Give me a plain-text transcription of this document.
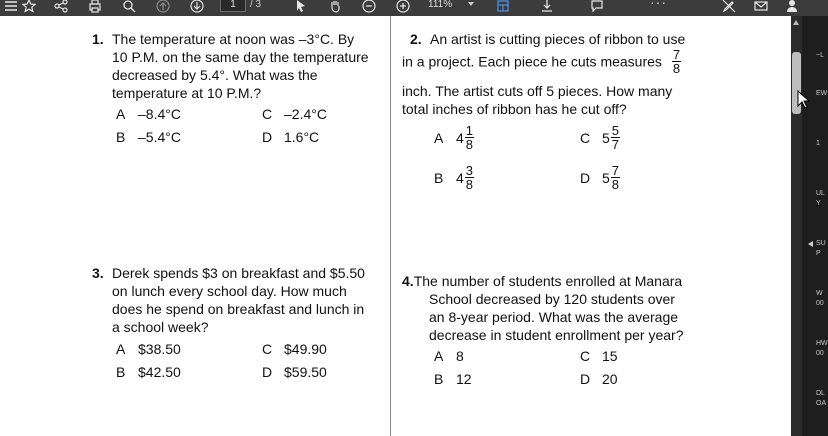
1	/ 3	111%	···
1. The temperature at noon was –3°C. By
10 P.M. on the same day the temperature
decreased by 5.4°. What was the
temperature at 10 P.M.?
A –8.4°C	C –2.4°C
B –5.4°C	D 1.6°C
2. An artist is cutting pieces of ribbon to use
in a project. Each piece he cuts measures $\frac{7}{8}$
inch. The artist cuts off 5 pieces. How many
total inches of ribbon has he cut off?
A $4 \frac{1}{8}$	C $5 \frac{5}{7}$
B $4 \frac{3}{8}$	D $5 \frac{7}{8}$
3. Derek spends $3 on breakfast and $5.50
on lunch every school day. How much
does he spend on breakfast and lunch in
a school week?
A $38.50	C $49.90
B $42.50	D $59.50
4.The number of students enrolled at Manara
School decreased by 120 students over
an 8-year period. What was the average
decrease in student enrollment per year?
A 8	C 15
B 12	D 20
~L
EW
1
UL
Y
SU
P
W
00
HW
00
DL
OA
